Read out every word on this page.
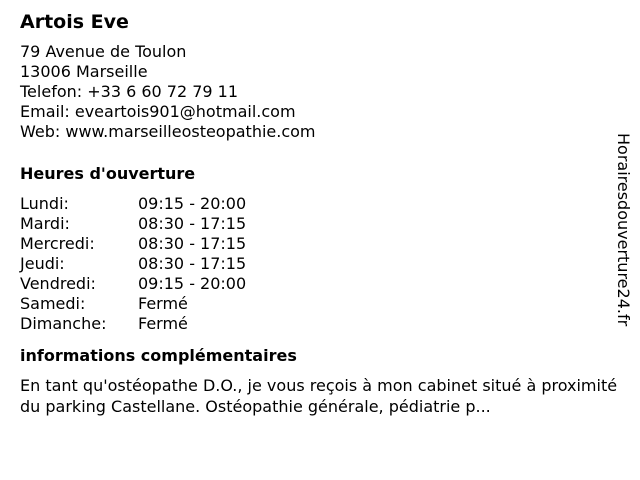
Artois Eve
79 Avenue de Toulon
13006 Marseille
Telefon: +33 6 60 72 79 11
Email: evеartois901@hotmail.com
Web: www.marseilleosteopathie.com
Heures d'ouverture
Lundi:	09:15 - 20:00
Mardi:	08:30 - 17:15
Mercredi:	08:30 - 17:15
Jeudi:	08:30 - 17:15
Vendredi:	09:15 - 20:00
Samedi:	Fermé
Dimanche:	Fermé
informations complémentaires
En tant qu'ostéopathe D.O., je vous reçois à mon cabinet situé à proximité du parking Castellane. Ostéopathie générale, pédiatrie p...
Horairesdouverture24.fr
